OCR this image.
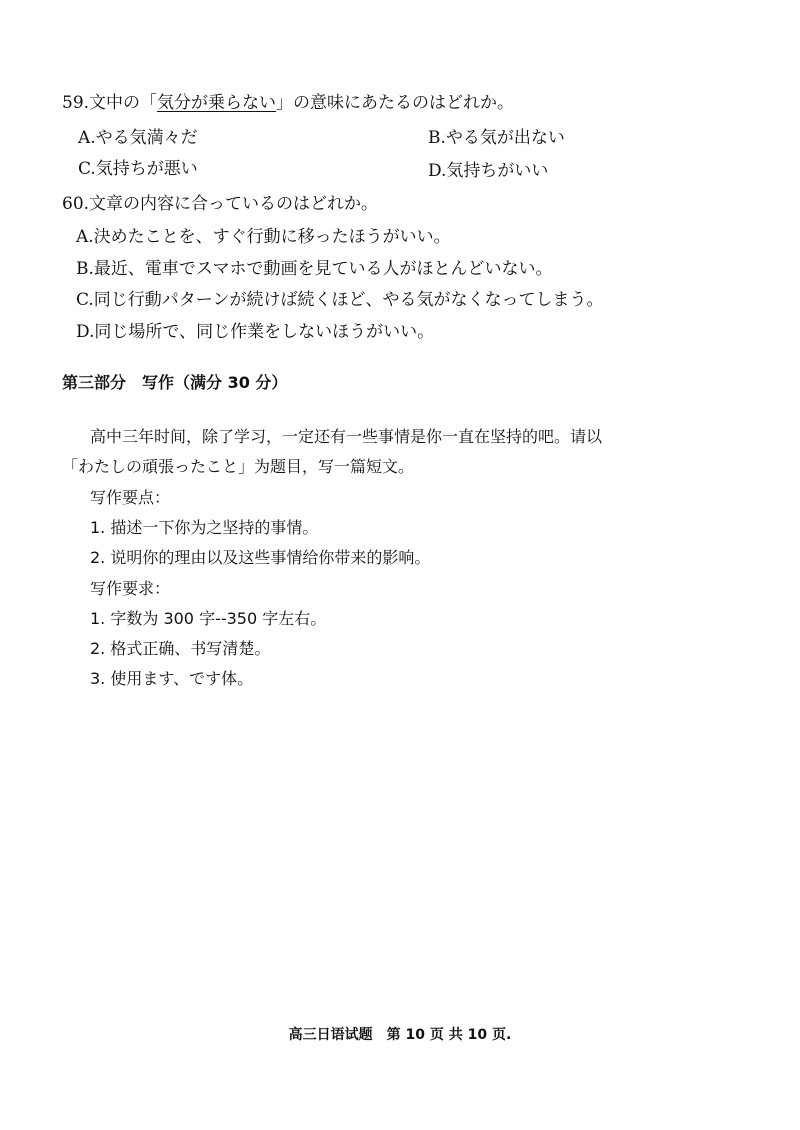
59.文中の「気分が乗らない」の意味にあたるのはどれか。
A.やる気満々だ	B.やる気が出ない
C.気持ちが悪い	D.気持ちがいい
60.文章の内容に合っているのはどれか。
A.決めたことを、すぐ行動に移ったほうがいい。
B.最近、電車でスマホで動画を見ている人がほとんどいない。
C.同じ行動パターンが続けば続くほど、やる気がなくなってしまう。
D.同じ場所で、同じ作業をしないほうがいい。
第三部分　写作（满分 30 分）
高中三年时间，除了学习，一定还有一些事情是你一直在坚持的吧。请以
「わたしの頑張ったこと」为题目，写一篇短文。
写作要点：
1. 描述一下你为之坚持的事情。
2. 说明你的理由以及这些事情给你带来的影响。
写作要求：
1. 字数为 300 字--350 字左右。
2. 格式正确、书写清楚。
3. 使用ます、です体。
高三日语试题　第 10 页 共 10 页.
